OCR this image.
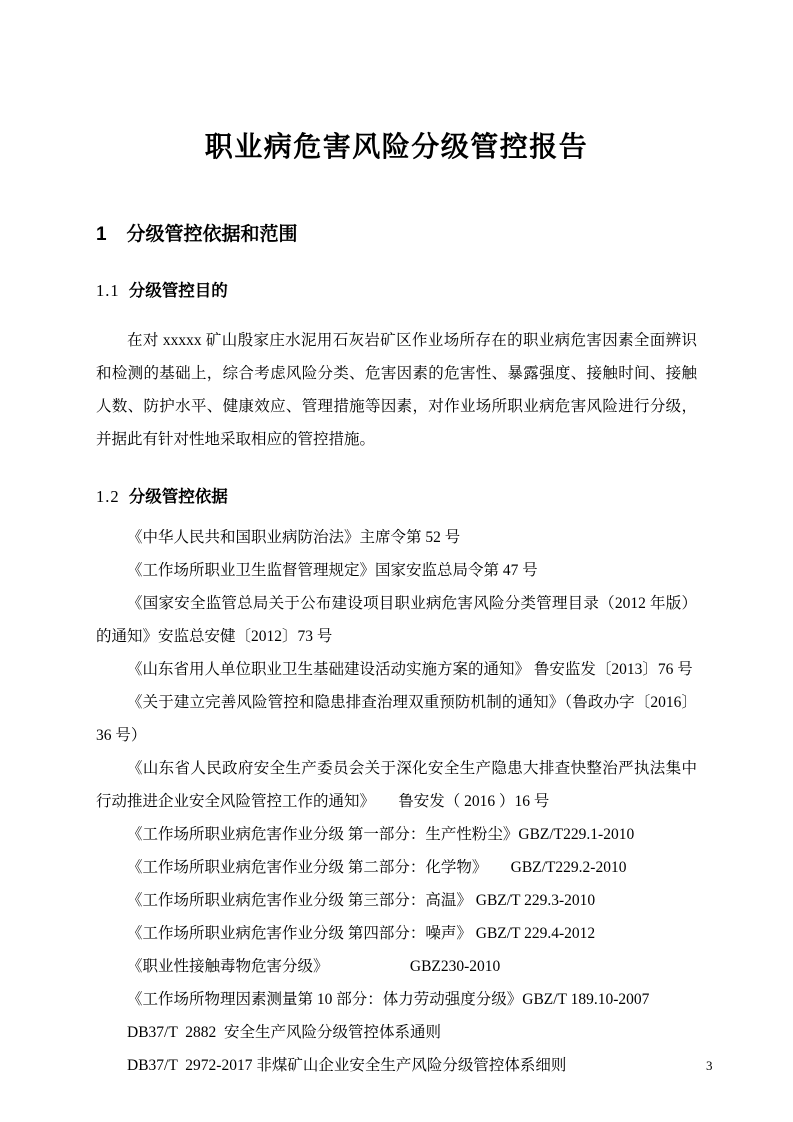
职业病危害风险分级管控报告
1 分级管控依据和范围
1.1 分级管控目的

在对 xxxxx 矿山殷家庄水泥用石灰岩矿区作业场所存在的职业病危害因素全面辨识和检测的基础上，综合考虑风险分类、危害因素的危害性、暴露强度、接触时间、接触人数、防护水平、健康效应、管理措施等因素，对作业场所职业病危害风险进行分级，并据此有针对性地采取相应的管控措施。

1.2 分级管控依据

《中华人民共和国职业病防治法》主席令第 52 号

《工作场所职业卫生监督管理规定》国家安监总局令第 47 号

《国家安全监管总局关于公布建设项目职业病危害风险分类管理目录（2012 年版）的通知》安监总安健〔2012〕73 号

《山东省用人单位职业卫生基础建设活动实施方案的通知》 鲁安监发〔2013〕76 号

《关于建立完善风险管控和隐患排查治理双重预防机制的通知》（鲁政办字〔2016〕36 号）

《山东省人民政府安全生产委员会关于深化安全生产隐患大排查快整治严执法集中行动推进企业安全风险管控工作的通知》      鲁安发（ 2016 ）16 号

《工作场所职业病危害作业分级 第一部分：生产性粉尘》GBZ/T229.1-2010

《工作场所职业病危害作业分级 第二部分：化学物》      GBZ/T229.2-2010

《工作场所职业病危害作业分级 第三部分：高温》 GBZ/T 229.3-2010

《工作场所职业病危害作业分级 第四部分：噪声》 GBZ/T 229.4-2012

《职业性接触毒物危害分级》                     GBZ230-2010

《工作场所物理因素测量第 10 部分：体力劳动强度分级》GBZ/T 189.10-2007

DB37/T  2882  安全生产风险分级管控体系通则

DB37/T  2972-2017 非煤矿山企业安全生产风险分级管控体系细则	3
